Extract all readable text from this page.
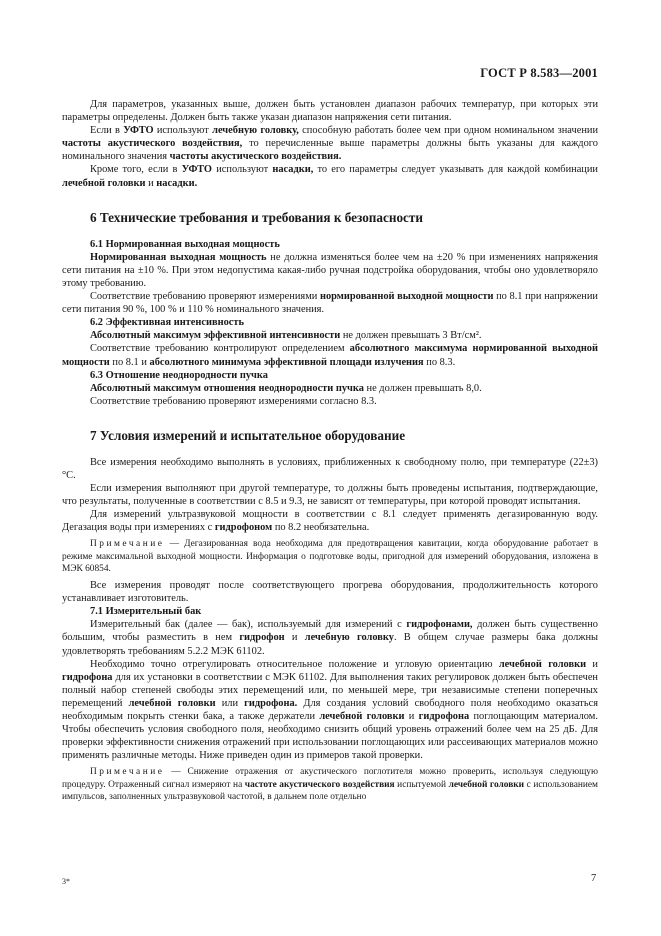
ГОСТ Р 8.583—2001

Для параметров, указанных выше, должен быть установлен диапазон рабочих температур, при которых эти параметры определены. Должен быть также указан диапазон напряжения сети питания.

Если в УФТО используют лечебную головку, способную работать более чем при одном номинальном значении частоты акустического воздействия, то перечисленные выше параметры должны быть указаны для каждого номинального значения частоты акустического воздействия.

Кроме того, если в УФТО используют насадки, то его параметры следует указывать для каждой комбинации лечебной головки и насадки.

6 Технические требования и требования к безопасности
6.1 Нормированная выходная мощность

Нормированная выходная мощность не должна изменяться более чем на ±20 % при изменениях напряжения сети питания на ±10 %. При этом недопустима какая-либо ручная подстройка оборудования, чтобы оно удовлетворяло этому требованию.

Соответствие требованию проверяют измерениями нормированной выходной мощности по 8.1 при напряжении сети питания 90 %, 100 % и 110 % номинального значения.

6.2 Эффективная интенсивность

Абсолютный максимум эффективной интенсивности не должен превышать 3 Вт/см².

Соответствие требованию контролируют определением абсолютного максимума нормированной выходной мощности по 8.1 и абсолютного минимума эффективной площади излучения по 8.3.

6.3 Отношение неоднородности пучка

Абсолютный максимум отношения неоднородности пучка не должен превышать 8,0.

Соответствие требованию проверяют измерениями согласно 8.3.

7 Условия измерений и испытательное оборудование

Все измерения необходимо выполнять в условиях, приближенных к свободному полю, при температуре (22±3) °С.

Если измерения выполняют при другой температуре, то должны быть проведены испытания, подтверждающие, что результаты, полученные в соответствии с 8.5 и 9.3, не зависят от температуры, при которой проводят испытания.

Для измерений ультразвуковой мощности в соответствии с 8.1 следует применять дегазированную воду. Дегазация воды при измерениях с гидрофоном по 8.2 необязательна.

Примечание — Дегазированная вода необходима для предотвращения кавитации, когда оборудование работает в режиме максимальной выходной мощности. Информация о подготовке воды, пригодной для измерений оборудования, изложена в МЭК 60854.

Все измерения проводят после соответствующего прогрева оборудования, продолжительность которого устанавливает изготовитель.

7.1 Измерительный бак

Измерительный бак (далее — бак), используемый для измерений с гидрофонами, должен быть существенно большим, чтобы разместить в нем гидрофон и лечебную головку. В общем случае размеры бака должны удовлетворять требованиям 5.2.2 МЭК 61102.

Необходимо точно отрегулировать относительное положение и угловую ориентацию лечебной головки и гидрофона для их установки в соответствии с МЭК 61102. Для выполнения таких регулировок должен быть обеспечен полный набор степеней свободы этих перемещений или, по меньшей мере, три независимые степени поперечных перемещений лечебной головки или гидрофона. Для создания условий свободного поля необходимо оказаться необходимым покрыть стенки бака, а также держатели лечебной головки и гидрофона поглощающим материалом. Чтобы обеспечить условия свободного поля, необходимо снизить общий уровень отражений более чем на 25 дБ. Для проверки эффективности снижения отражений при использовании поглощающих или рассеивающих материалов можно применять различные методы. Ниже приведен один из примеров такой проверки.

Примечание — Снижение отражения от акустического поглотителя можно проверить, используя следующую процедуру. Отраженный сигнал измеряют на частоте акустического воздействия испытуемой лечебной головки с использованием импульсов, заполненных ультразвуковой частотой, в дальнем поле отдельно

3*	7
